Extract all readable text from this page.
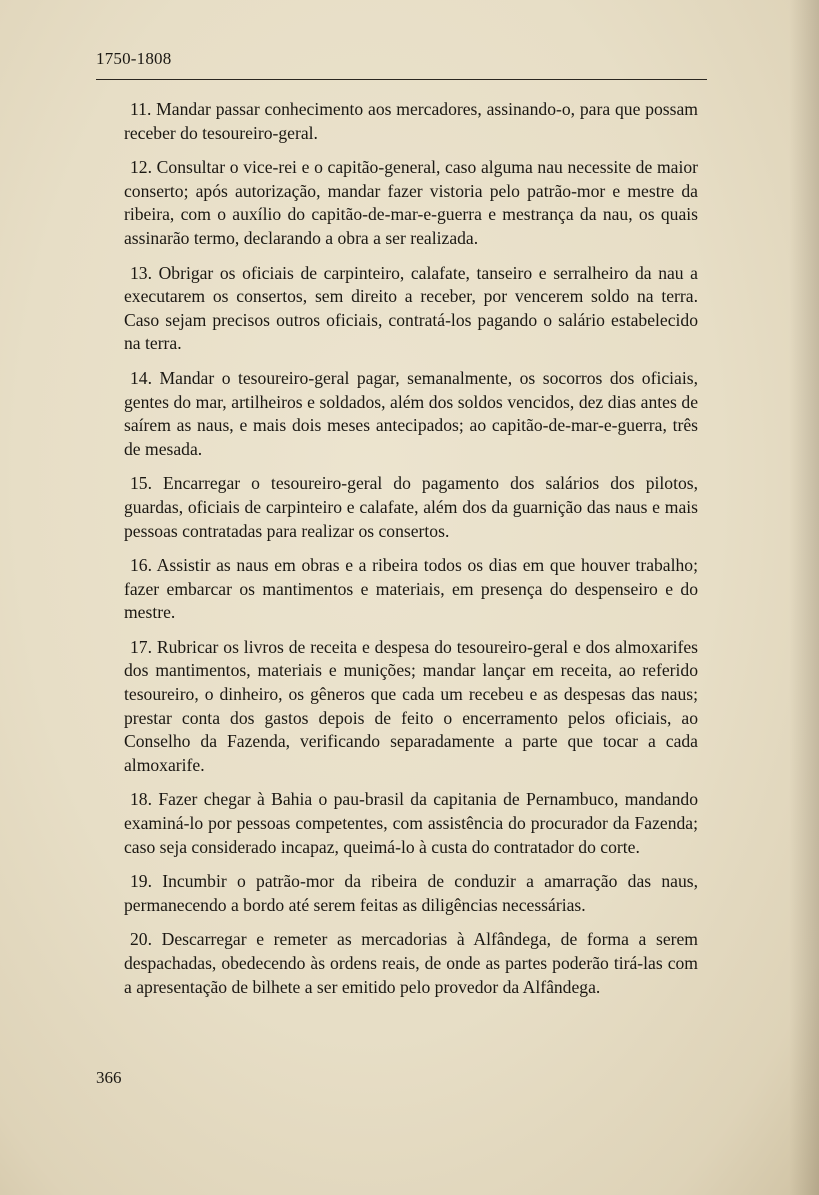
1750-1808

11. Mandar passar conhecimento aos mercadores, assinando-o, para que possam receber do tesoureiro-geral.

12. Consultar o vice-rei e o capitão-general, caso alguma nau necessite de maior conserto; após autorização, mandar fazer vistoria pelo patrão-mor e mestre da ribeira, com o auxílio do capitão-de-mar-e-guerra e mestrança da nau, os quais assinarão termo, declarando a obra a ser realizada.

13. Obrigar os oficiais de carpinteiro, calafate, tanseiro e serralheiro da nau a executarem os consertos, sem direito a receber, por vencerem soldo na terra. Caso sejam precisos outros oficiais, contratá-los pagando o salário estabelecido na terra.

14. Mandar o tesoureiro-geral pagar, semanalmente, os socorros dos oficiais, gentes do mar, artilheiros e soldados, além dos soldos vencidos, dez dias antes de saírem as naus, e mais dois meses antecipados; ao capitão-de-mar-e-guerra, três de mesada.

15. Encarregar o tesoureiro-geral do pagamento dos salários dos pilotos, guardas, oficiais de carpinteiro e calafate, além dos da guarnição das naus e mais pessoas contratadas para realizar os consertos.

16. Assistir as naus em obras e a ribeira todos os dias em que houver trabalho; fazer embarcar os mantimentos e materiais, em presença do despenseiro e do mestre.

17. Rubricar os livros de receita e despesa do tesoureiro-geral e dos almoxarifes dos mantimentos, materiais e munições; mandar lançar em receita, ao referido tesoureiro, o dinheiro, os gêneros que cada um recebeu e as despesas das naus; prestar conta dos gastos depois de feito o encerramento pelos oficiais, ao Conselho da Fazenda, verificando separadamente a parte que tocar a cada almoxarife.

18. Fazer chegar à Bahia o pau-brasil da capitania de Pernambuco, mandando examiná-lo por pessoas competentes, com assistência do procurador da Fazenda; caso seja considerado incapaz, queimá-lo à custa do contratador do corte.

19. Incumbir o patrão-mor da ribeira de conduzir a amarração das naus, permanecendo a bordo até serem feitas as diligências necessárias.

20. Descarregar e remeter as mercadorias à Alfândega, de forma a serem despachadas, obedecendo às ordens reais, de onde as partes poderão tirá-las com a apresentação de bilhete a ser emitido pelo provedor da Alfândega.

366
